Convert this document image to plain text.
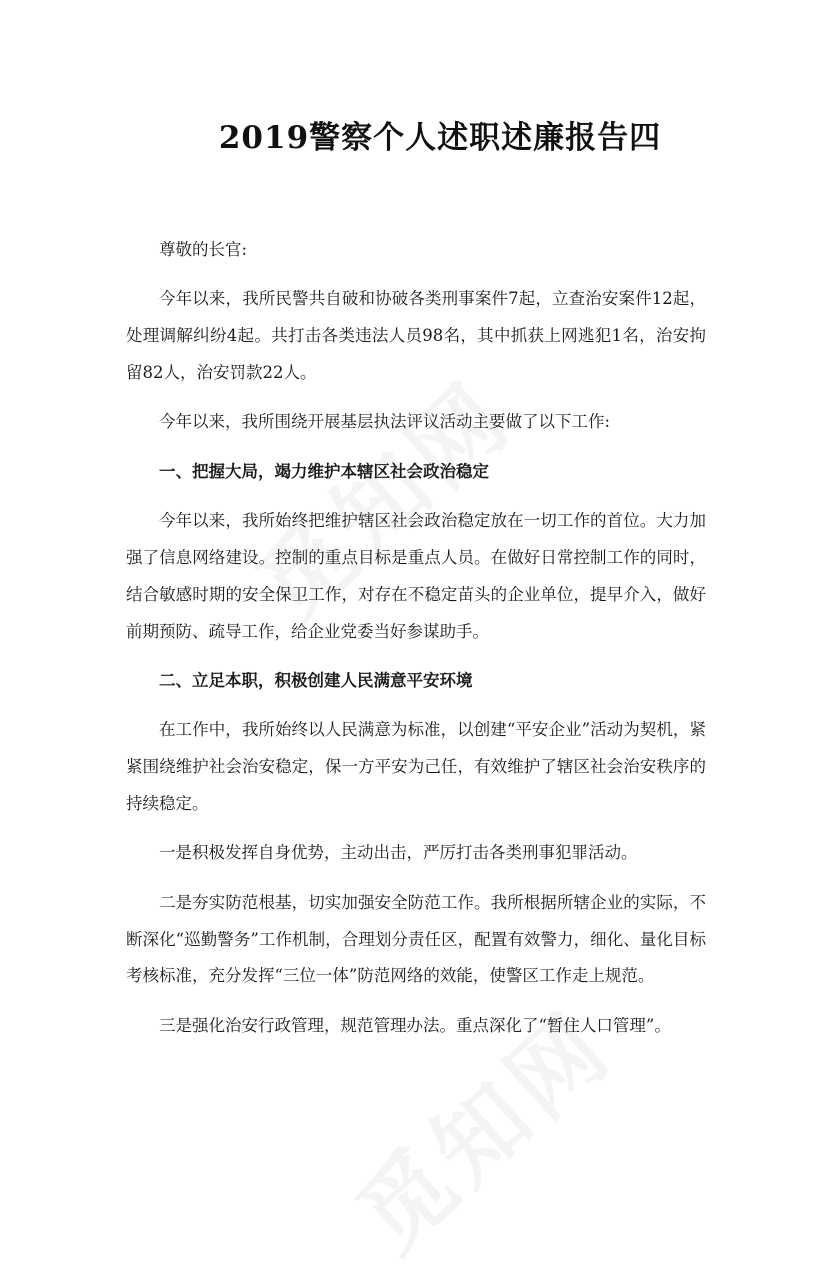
2019警察个人述职述廉报告四

尊敬的长官:

今年以来，我所民警共自破和协破各类刑事案件7起，立查治安案件12起，处理调解纠纷4起。共打击各类违法人员98名，其中抓获上网逃犯1名，治安拘留82人，治安罚款22人。

今年以来，我所围绕开展基层执法评议活动主要做了以下工作:

一、把握大局，竭力维护本辖区社会政治稳定

今年以来，我所始终把维护辖区社会政治稳定放在一切工作的首位。大力加强了信息网络建设。控制的重点目标是重点人员。在做好日常控制工作的同时，结合敏感时期的安全保卫工作，对存在不稳定苗头的企业单位，提早介入，做好前期预防、疏导工作，给企业党委当好参谋助手。

二、立足本职，积极创建人民满意平安环境

在工作中，我所始终以人民满意为标准，以创建“平安企业”活动为契机，紧紧围绕维护社会治安稳定，保一方平安为己任，有效维护了辖区社会治安秩序的持续稳定。

一是积极发挥自身优势，主动出击，严厉打击各类刑事犯罪活动。

二是夯实防范根基，切实加强安全防范工作。我所根据所辖企业的实际，不断深化“巡勤警务”工作机制，合理划分责任区，配置有效警力，细化、量化目标考核标准，充分发挥“三位一体”防范网络的效能，使警区工作走上规范。

三是强化治安行政管理，规范管理办法。重点深化了“暂住人口管理”。
